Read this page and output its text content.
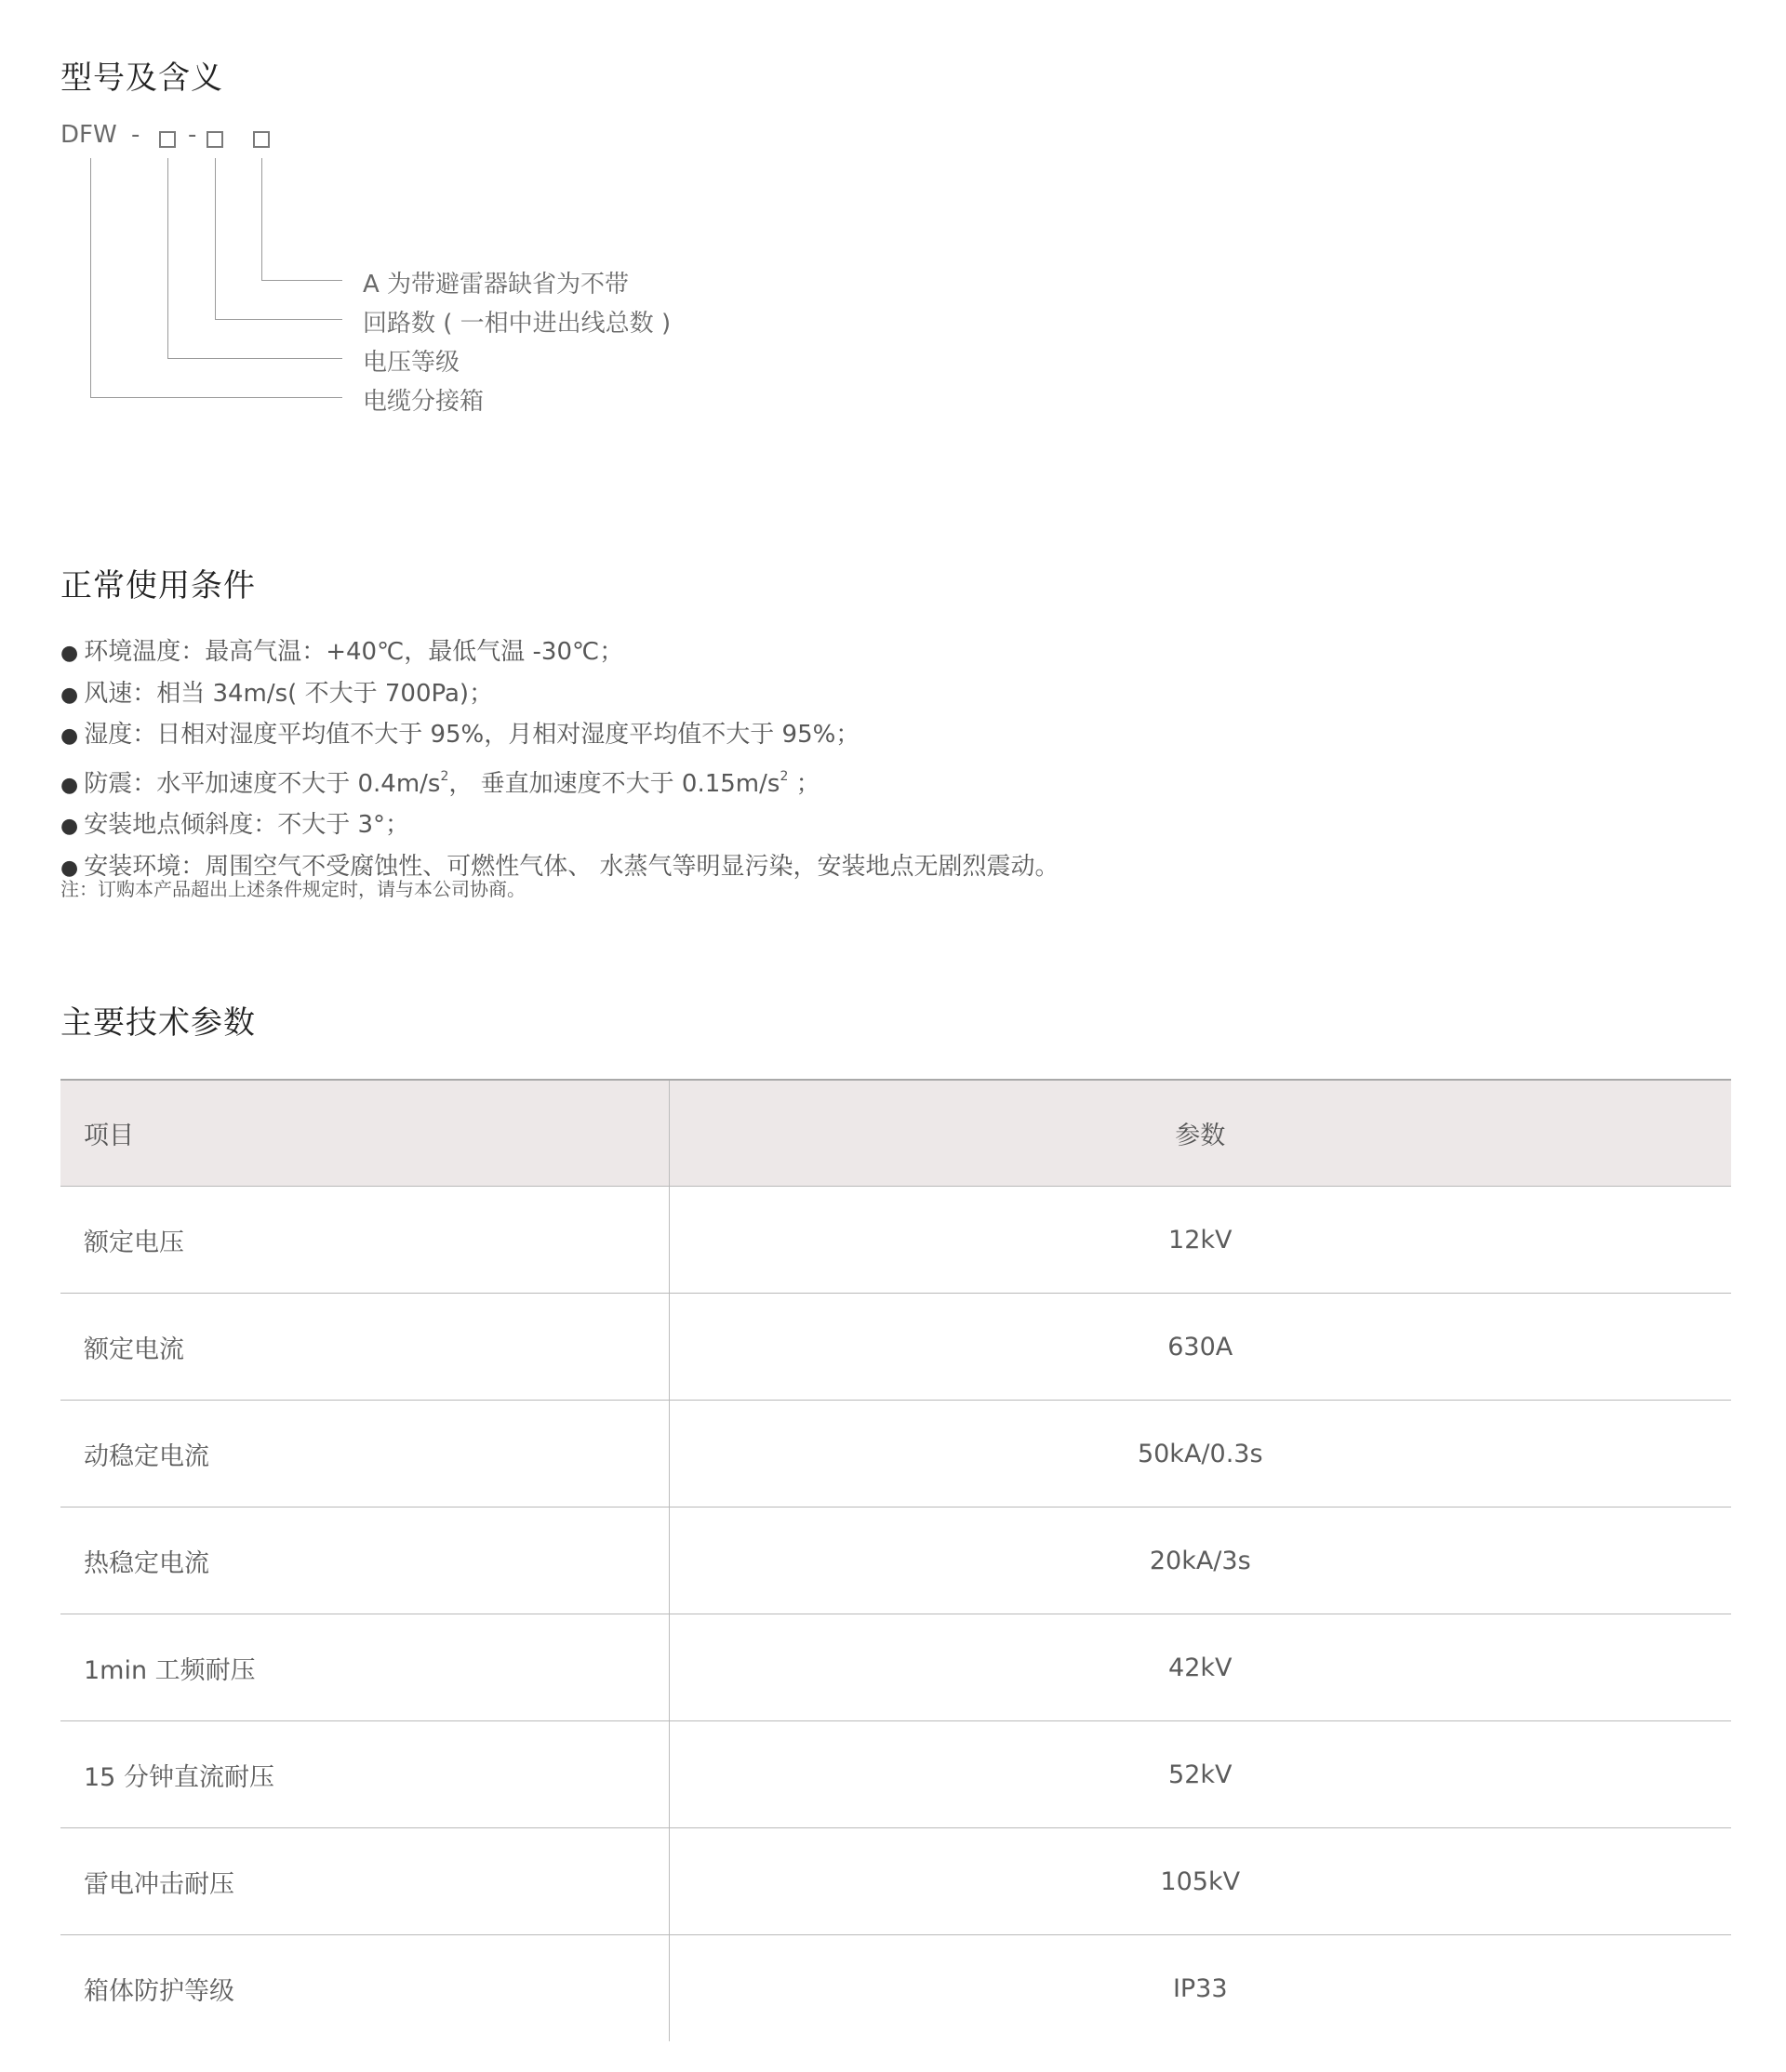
型号及含义
DFW - -
A 为带避雷器缺省为不带
回路数 ( 一相中进出线总数 )
电压等级
电缆分接箱
正常使用条件
● 环境温度：最高气温：+40℃，最低气温 -30℃；
● 风速：相当 34m/s( 不大于 700Pa)；
● 湿度：日相对湿度平均值不大于 95%，月相对湿度平均值不大于 95%；
● 防震：水平加速度不大于 $0.4m/s^2$， 垂直加速度不大于 $0.15m/s^2$ ；
● 安装地点倾斜度：不大于 3°；
● 安装环境：周围空气不受腐蚀性、可燃性气体、 水蒸气等明显污染，安装地点无剧烈震动。
注：订购本产品超出上述条件规定时，请与本公司协商。
主要技术参数
项目	参数
额定电压	12kV
额定电流	630A
动稳定电流	50kA/0.3s
热稳定电流	20kA/3s
1min 工频耐压	42kV
15 分钟直流耐压	52kV
雷电冲击耐压	105kV
箱体防护等级	IP33
